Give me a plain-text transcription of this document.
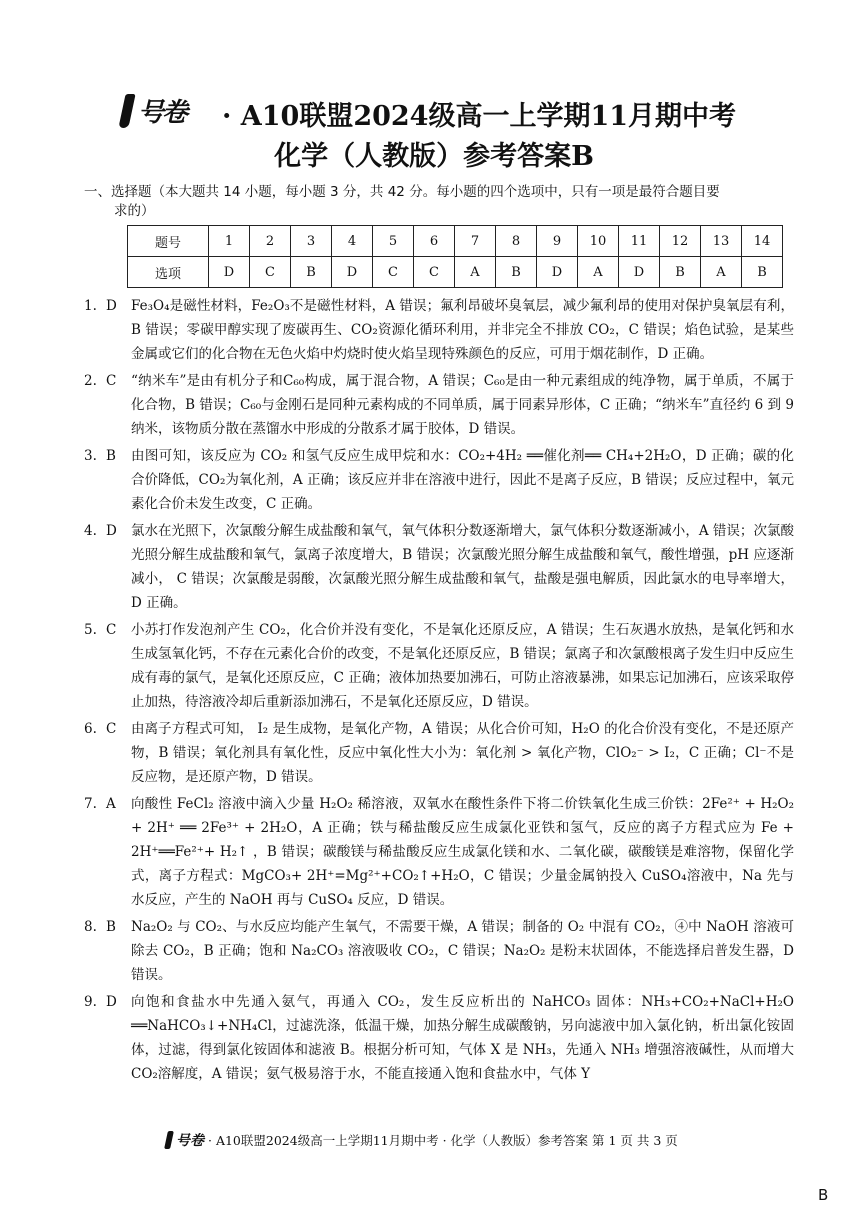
号卷 · A10联盟2024级高一上学期11月期中考
化学（人教版）参考答案B
一、选择题（本大题共 14 小题，每小题 3 分，共 42 分。每小题的四个选项中，只有一项是最符合题目要
求的）
题号	1	2	3	4	5	6	7	8	9	10	11	12	13	14
选项	D	C	B	D	C	C	A	B	D	A	D	B	A	B
1. D	Fe₃O₄是磁性材料，Fe₂O₃不是磁性材料，A 错误；氟利昂破坏臭氧层，减少氟利昂的使用对保护臭氧层有利，B 错误；零碳甲醇实现了废碳再生、CO₂资源化循环利用，并非完全不排放 CO₂，C 错误；焰色试验，是某些金属或它们的化合物在无色火焰中灼烧时使火焰呈现特殊颜色的反应，可用于烟花制作，D 正确。
2. C	“纳米车”是由有机分子和C₆₀构成，属于混合物，A 错误；C₆₀是由一种元素组成的纯净物，属于单质，不属于化合物，B 错误；C₆₀与金刚石是同种元素构成的不同单质，属于同素异形体，C 正确；“纳米车”直径约 6 到 9 纳米，该物质分散在蒸馏水中形成的分散系才属于胶体，D 错误。
3. B	由图可知，该反应为 CO₂ 和氢气反应生成甲烷和水：CO₂+4H₂ ══催化剂══ CH₄+2H₂O，D 正确；碳的化合价降低，CO₂为氧化剂，A 正确；该反应并非在溶液中进行，因此不是离子反应，B 错误；反应过程中，氧元素化合价未发生改变，C 正确。
4. D	氯水在光照下，次氯酸分解生成盐酸和氧气，氧气体积分数逐渐增大，氯气体积分数逐渐减小，A 错误；次氯酸光照分解生成盐酸和氧气，氯离子浓度增大，B 错误；次氯酸光照分解生成盐酸和氧气，酸性增强，pH 应逐渐减小， C 错误；次氯酸是弱酸，次氯酸光照分解生成盐酸和氧气，盐酸是强电解质，因此氯水的电导率增大，D 正确。
5. C	小苏打作发泡剂产生 CO₂，化合价并没有变化，不是氧化还原反应，A 错误；生石灰遇水放热，是氧化钙和水生成氢氧化钙，不存在元素化合价的改变，不是氧化还原反应，B 错误；氯离子和次氯酸根离子发生归中反应生成有毒的氯气，是氧化还原反应，C 正确；液体加热要加沸石，可防止溶液暴沸，如果忘记加沸石，应该采取停止加热，待溶液冷却后重新添加沸石，不是氧化还原反应，D 错误。
6. C	由离子方程式可知， I₂ 是生成物，是氧化产物，A 错误；从化合价可知，H₂O 的化合价没有变化，不是还原产物，B 错误；氧化剂具有氧化性，反应中氧化性大小为：氧化剂 > 氧化产物，ClO₂⁻ > I₂，C 正确；Cl⁻不是反应物，是还原产物，D 错误。
7. A	向酸性 FeCl₂ 溶液中滴入少量 H₂O₂ 稀溶液，双氧水在酸性条件下将二价铁氧化生成三价铁：2Fe²⁺ + H₂O₂ + 2H⁺ ══ 2Fe³⁺ + 2H₂O，A 正确；铁与稀盐酸反应生成氯化亚铁和氢气，反应的离子方程式应为 Fe + 2H⁺══Fe²⁺+ H₂↑ ，B 错误；碳酸镁与稀盐酸反应生成氯化镁和水、二氧化碳，碳酸镁是难溶物，保留化学式，离子方程式：MgCO₃+ 2H⁺=Mg²⁺+CO₂↑+H₂O，C 错误；少量金属钠投入 CuSO₄溶液中，Na 先与水反应，产生的 NaOH 再与 CuSO₄ 反应，D 错误。
8. B	Na₂O₂ 与 CO₂、与水反应均能产生氧气，不需要干燥，A 错误；制备的 O₂ 中混有 CO₂，④中 NaOH 溶液可除去 CO₂，B 正确；饱和 Na₂CO₃ 溶液吸收 CO₂，C 错误；Na₂O₂ 是粉末状固体，不能选择启普发生器，D 错误。
9. D	向饱和食盐水中先通入氨气，再通入 CO₂，发生反应析出的 NaHCO₃ 固体：NH₃+CO₂+NaCl+H₂O ══NaHCO₃↓+NH₄Cl，过滤洗涤，低温干燥，加热分解生成碳酸钠，另向滤液中加入氯化钠，析出氯化铵固体，过滤，得到氯化铵固体和滤液 B。根据分析可知，气体 X 是 NH₃，先通入 NH₃ 增强溶液碱性，从而增大 CO₂溶解度，A 错误；氨气极易溶于水，不能直接通入饱和食盐水中，气体 Y
号卷 · A10联盟2024级高一上学期11月期中考 · 化学（人教版）参考答案 第 1 页 共 3 页
B
